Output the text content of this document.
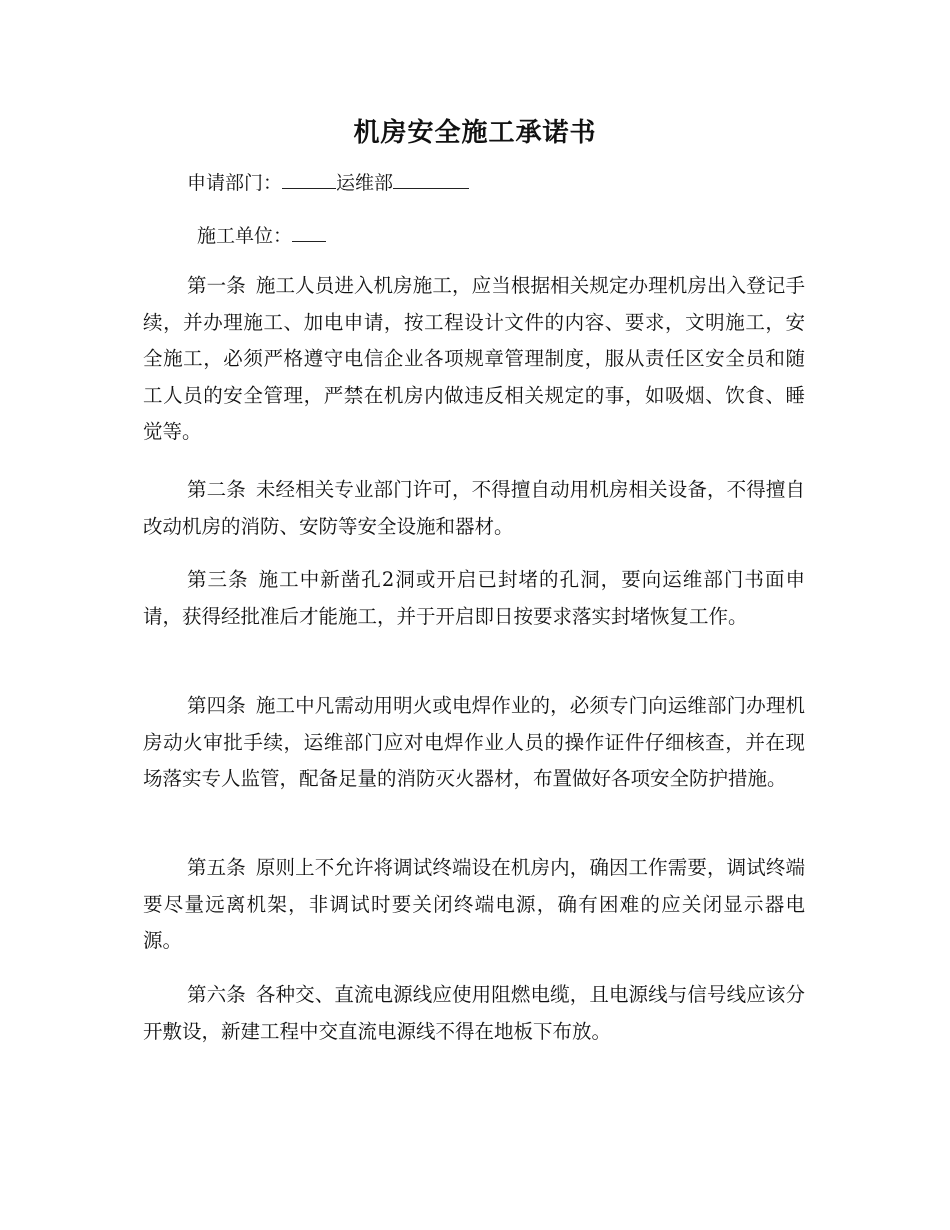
机房安全施工承诺书
申请部门：	运维部
施工单位：

第一条 施工人员进入机房施工，应当根据相关规定办理机房出入登记手续，并办理施工、加电申请，按工程设计文件的内容、要求，文明施工，安全施工，必须严格遵守电信企业各项规章管理制度，服从责任区安全员和随工人员的安全管理，严禁在机房内做违反相关规定的事，如吸烟、饮食、睡觉等。

第二条 未经相关专业部门许可，不得擅自动用机房相关设备，不得擅自改动机房的消防、安防等安全设施和器材。

第三条 施工中新凿孔2洞或开启已封堵的孔洞，要向运维部门书面申请，获得经批准后才能施工，并于开启即日按要求落实封堵恢复工作。

第四条 施工中凡需动用明火或电焊作业的，必须专门向运维部门办理机房动火审批手续，运维部门应对电焊作业人员的操作证件仔细核查，并在现场落实专人监管，配备足量的消防灭火器材，布置做好各项安全防护措施。

第五条 原则上不允许将调试终端设在机房内，确因工作需要，调试终端要尽量远离机架，非调试时要关闭终端电源，确有困难的应关闭显示器电源。

第六条 各种交、直流电源线应使用阻燃电缆，且电源线与信号线应该分开敷设，新建工程中交直流电源线不得在地板下布放。
